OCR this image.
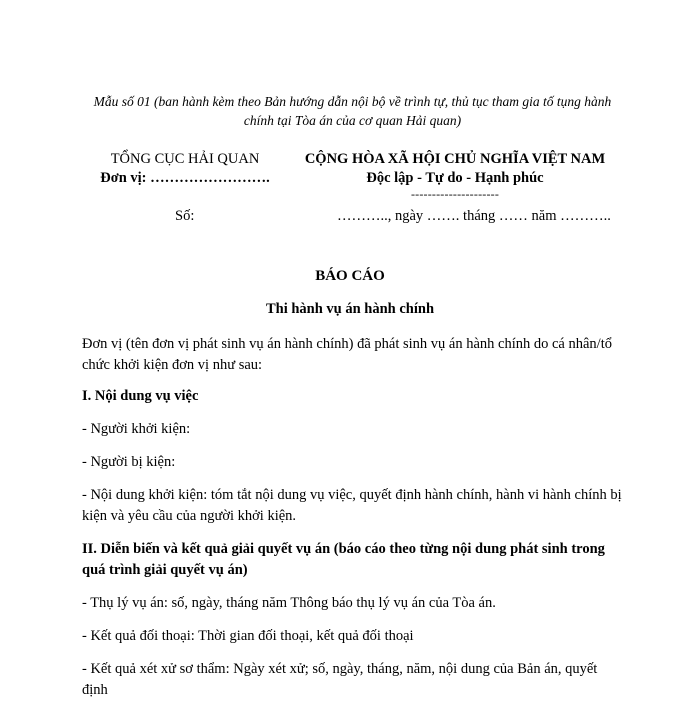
Mẫu số 01 (ban hành kèm theo Bản hướng dẫn nội bộ về trình tự, thủ tục tham gia tố tụng hành chính tại Tòa án của cơ quan Hải quan)
TỔNG CỤC HẢI QUAN
Đơn vị: …………………….
CỘNG HÒA XÃ HỘI CHỦ NGHĨA VIỆT NAM
Độc lập - Tự do - Hạnh phúc
---------------------
Số:	……….., ngày ……. tháng …… năm ………..
BÁO CÁO
Thi hành vụ án hành chính

Đơn vị (tên đơn vị phát sinh vụ án hành chính) đã phát sinh vụ án hành chính do cá nhân/tổ chức khởi kiện đơn vị như sau:

I. Nội dung vụ việc

- Người khởi kiện:

- Người bị kiện:

- Nội dung khởi kiện: tóm tắt nội dung vụ việc, quyết định hành chính, hành vi hành chính bị kiện và yêu cầu của người khởi kiện.

II. Diễn biến và kết quả giải quyết vụ án (báo cáo theo từng nội dung phát sinh trong quá trình giải quyết vụ án)

- Thụ lý vụ án: số, ngày, tháng năm Thông báo thụ lý vụ án của Tòa án.

- Kết quả đối thoại: Thời gian đối thoại, kết quả đối thoại

- Kết quả xét xử sơ thẩm: Ngày xét xử; số, ngày, tháng, năm, nội dung của Bản án, quyết định
